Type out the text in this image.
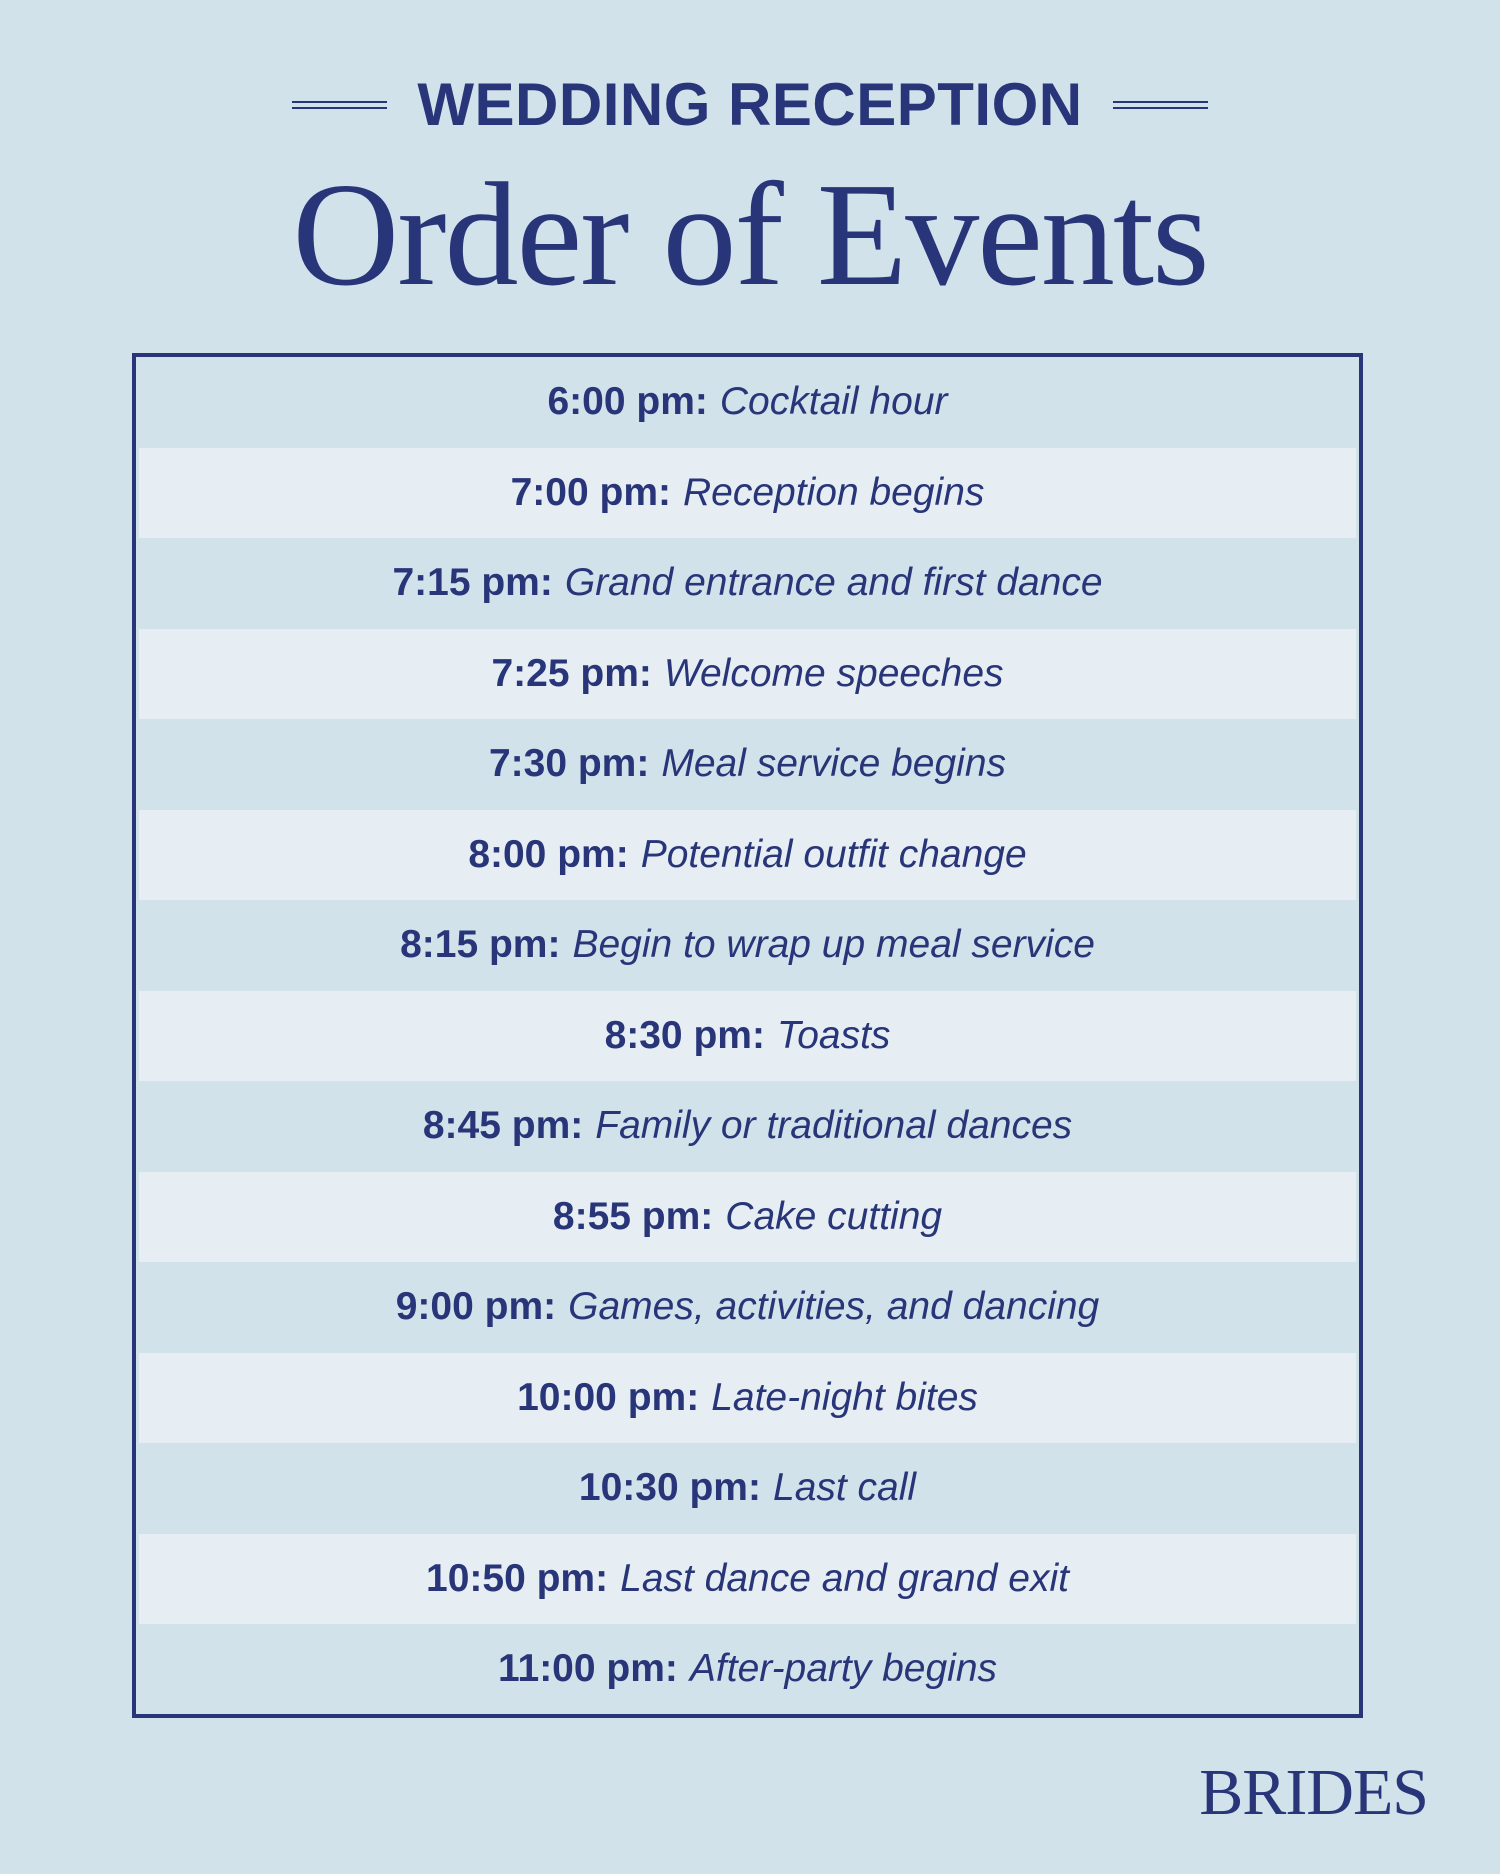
WEDDING RECEPTION
Order of Events
6:00 pm : Cocktail hour
7:00 pm : Reception begins
7:15 pm : Grand entrance and first dance
7:25 pm : Welcome speeches
7:30 pm : Meal service begins
8:00 pm : Potential outfit change
8:15 pm : Begin to wrap up meal service
8:30 pm : Toasts
8:45 pm : Family or traditional dances
8:55 pm : Cake cutting
9:00 pm : Games, activities, and dancing
10:00 pm : Late-night bites
10:30 pm : Last call
10:50 pm : Last dance and grand exit
11:00 pm : After-party begins
BRIDES
